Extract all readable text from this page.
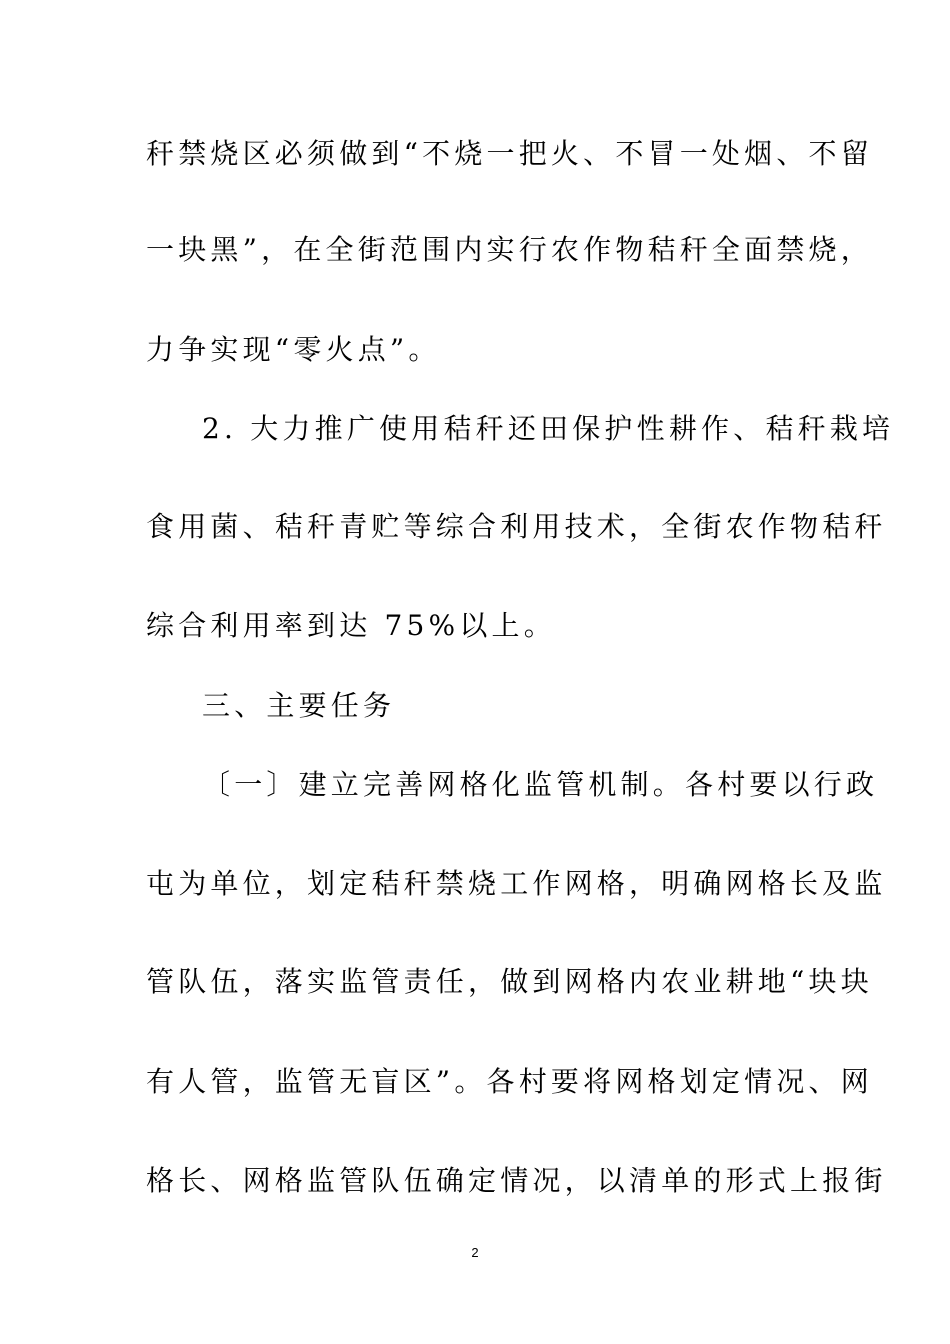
秆禁烧区必须做到“不烧一把火、不冒一处烟、不留
一块黑”，在全街范围内实行农作物秸秆全面禁烧，
力争实现“零火点”。
2. 大力推广使用秸秆还田保护性耕作、秸秆栽培
食用菌、秸秆青贮等综合利用技术，全街农作物秸秆
综合利用率到达 75%以上。
三、主要任务
〔一〕建立完善网格化监管机制。各村要以行政
屯为单位，划定秸秆禁烧工作网格，明确网格长及监
管队伍，落实监管责任，做到网格内农业耕地“块块
有人管，监管无盲区”。各村要将网格划定情况、网
格长、网格监管队伍确定情况，以清单的形式上报街
2
